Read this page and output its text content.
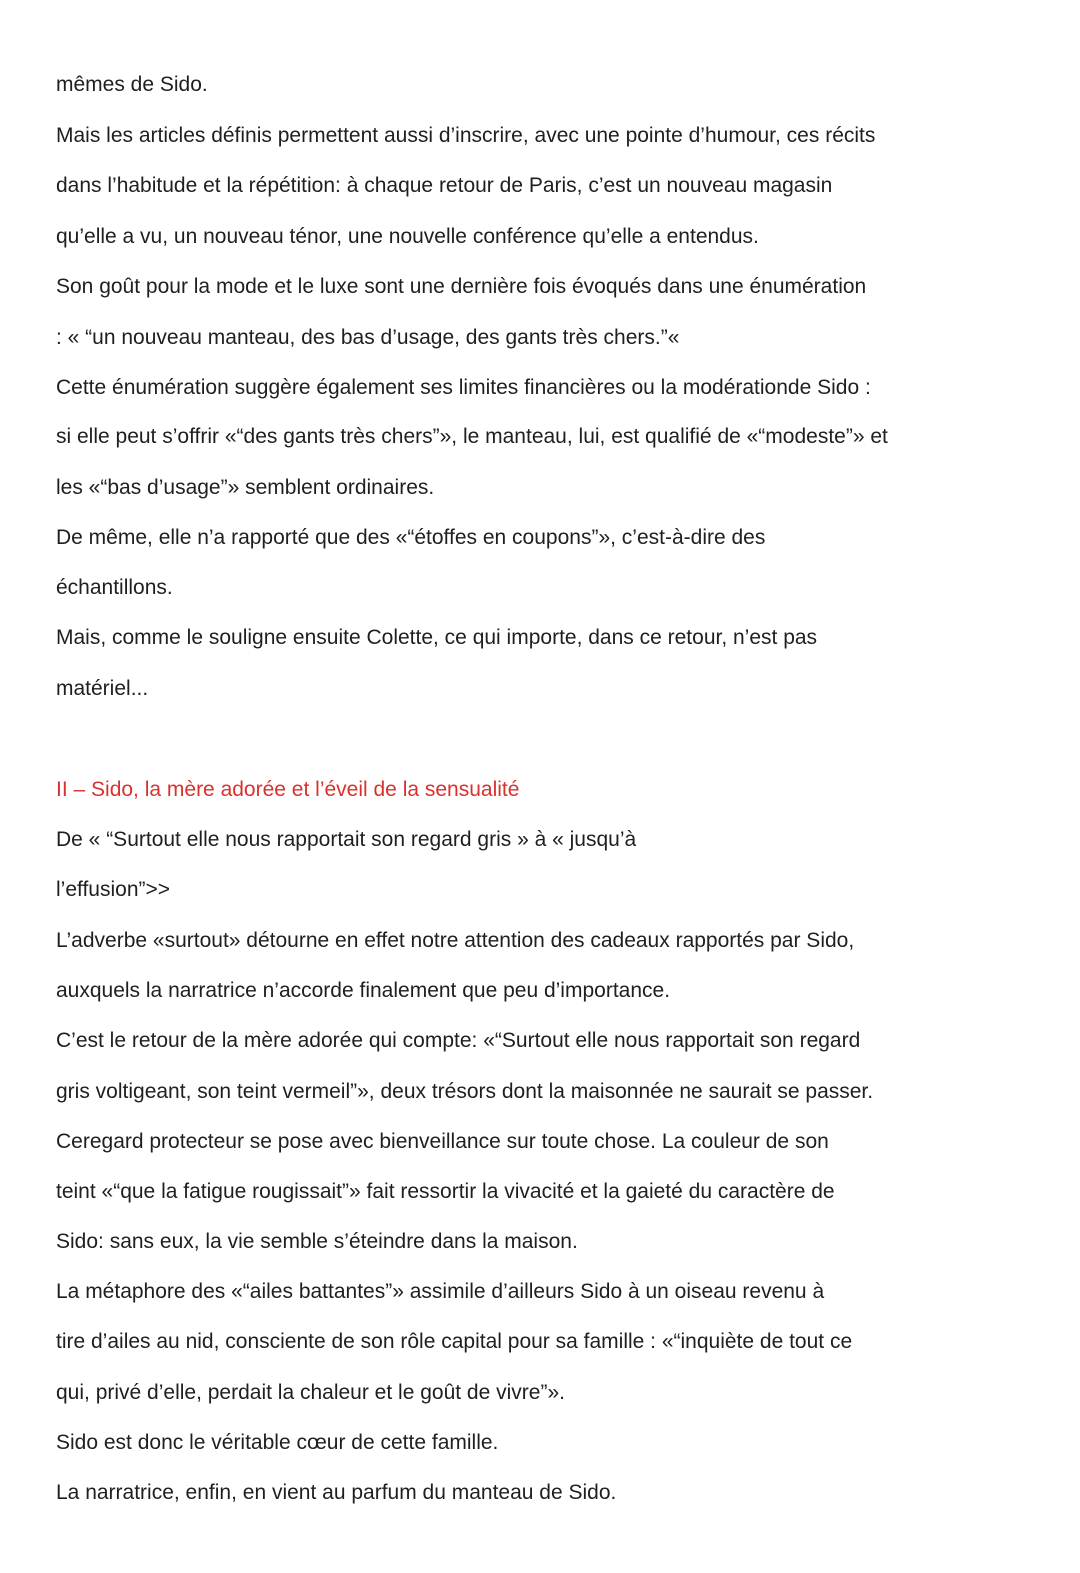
mêmes de Sido.
Mais les articles définis permettent aussi d’inscrire, avec une pointe d’humour, ces récits
dans l’habitude et la répétition: à chaque retour de Paris, c’est un nouveau magasin
qu’elle a vu, un nouveau ténor, une nouvelle conférence qu’elle a entendus.
Son goût pour la mode et le luxe sont une dernière fois évoqués dans une énumération
: « “un nouveau manteau, des bas d’usage, des gants très chers.”«
Cette énumération suggère également ses limites financières ou la modérationde Sido :
si elle peut s’offrir «“des gants très chers”», le manteau, lui, est qualifié de «“modeste”» et
les «“bas d’usage”» semblent ordinaires.
De même, elle n’a rapporté que des «“étoffes en coupons”», c’est-à-dire des
échantillons.
Mais, comme le souligne ensuite Colette, ce qui importe, dans ce retour, n’est pas
matériel...
II – Sido, la mère adorée et l’éveil de la sensualité
De « “Surtout elle nous rapportait son regard gris » à « jusqu’à
l’effusion”>>
L’adverbe «surtout» détourne en effet notre attention des cadeaux rapportés par Sido,
auxquels la narratrice n’accorde finalement que peu d’importance.
C’est le retour de la mère adorée qui compte: «“Surtout elle nous rapportait son regard
gris voltigeant, son teint vermeil”», deux trésors dont la maisonnée ne saurait se passer.
Ceregard protecteur se pose avec bienveillance sur toute chose. La couleur de son
teint «“que la fatigue rougissait”» fait ressortir la vivacité et la gaieté du caractère de
Sido: sans eux, la vie semble s’éteindre dans la maison.
La métaphore des «“ailes battantes”» assimile d’ailleurs Sido à un oiseau revenu à
tire d’ailes au nid, consciente de son rôle capital pour sa famille : «“inquiète de tout ce
qui, privé d’elle, perdait la chaleur et le goût de vivre”».
Sido est donc le véritable cœur de cette famille.
La narratrice, enfin, en vient au parfum du manteau de Sido.
